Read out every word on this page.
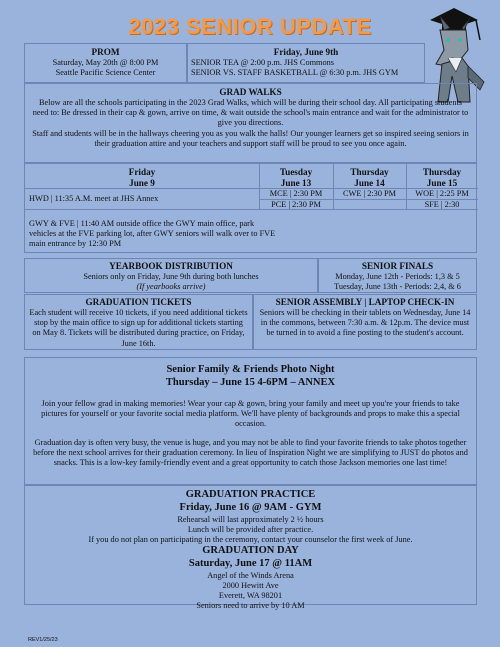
2023 SENIOR UPDATE
PROM
Saturday, May 20th @ 8:00 PM
Seattle Pacific Science Center
Friday, June 9th
SENIOR TEA @ 2:00 p.m. JHS Commons
SENIOR VS. STAFF BASKETBALL @ 6:30 p.m. JHS GYM
GRAD WALKS
Below are all the schools participating in the 2023 Grad Walks, which will be during their school day. All participating students need to: Be dressed in their cap & gown, arrive on time, & wait outside the school's main entrance and wait for the administrator to give you directions.
Staff and students will be in the hallways cheering you as you walk the halls! Our younger learners get so inspired seeing seniors in their graduation attire and your teachers and support staff will be proud to see you once again.
Friday
June 9
HWD | 11:35 A.M. meet at JHS Annex
GWY & FVE | 11:40 AM outside office the GWY main office, park vehicles at the FVE parking lot, after GWY seniors will walk over to FVE main entrance by 12:30 PM
Tuesday
June 13
MCE | 2:30 PM
PCE | 2:30 PM
Thursday
June 14
CWE | 2:30 PM
Thursday
June 15
WOE | 2:25 PM
SFE | 2:30
YEARBOOK DISTRIBUTION
Seniors only on Friday, June 9th during both lunches
(If yearbooks arrive)
SENIOR FINALS
Monday, June 12th - Periods: 1,3 & 5
Tuesday, June 13th - Periods: 2,4, & 6
GRADUATION TICKETS
Each student will receive 10 tickets, if you need additional tickets stop by the main office to sign up for additional tickets starting on May 8. Tickets will be distributed during practice, on Friday, June 16th.
SENIOR ASSEMBLY | LAPTOP CHECK-IN
Seniors will be checking in their tablets on Wednesday, June 14 in the commons, between 7:30 a.m. & 12p.m. The device must be turned in to avoid a fine posting to the student's account.
Senior Family & Friends Photo Night
Thursday – June 15 4-6PM – ANNEX
Join your fellow grad in making memories! Wear your cap & gown, bring your family and meet up you're your friends to take pictures for yourself or your favorite social media platform. We'll have plenty of backgrounds and props to make this a special occasion.
Graduation day is often very busy, the venue is huge, and you may not be able to find your favorite friends to take photos together before the next school arrives for their graduation ceremony. In lieu of Inspiration Night we are simplifying to JUST do photos and snacks. This is a low-key family-friendly event and a great opportunity to catch those Jackson memories one last time!
GRADUATION PRACTICE
Friday, June 16 @ 9AM - GYM
Rehearsal will last approximately 2 ½ hours
Lunch will be provided after practice.
If you do not plan on participating in the ceremony, contact your counselor the first week of June.
GRADUATION DAY
Saturday, June 17 @ 11AM
Angel of the Winds Arena
2000 Hewitt Ave
Everett, WA 98201
Seniors need to arrive by 10 AM
REV1/25/23
